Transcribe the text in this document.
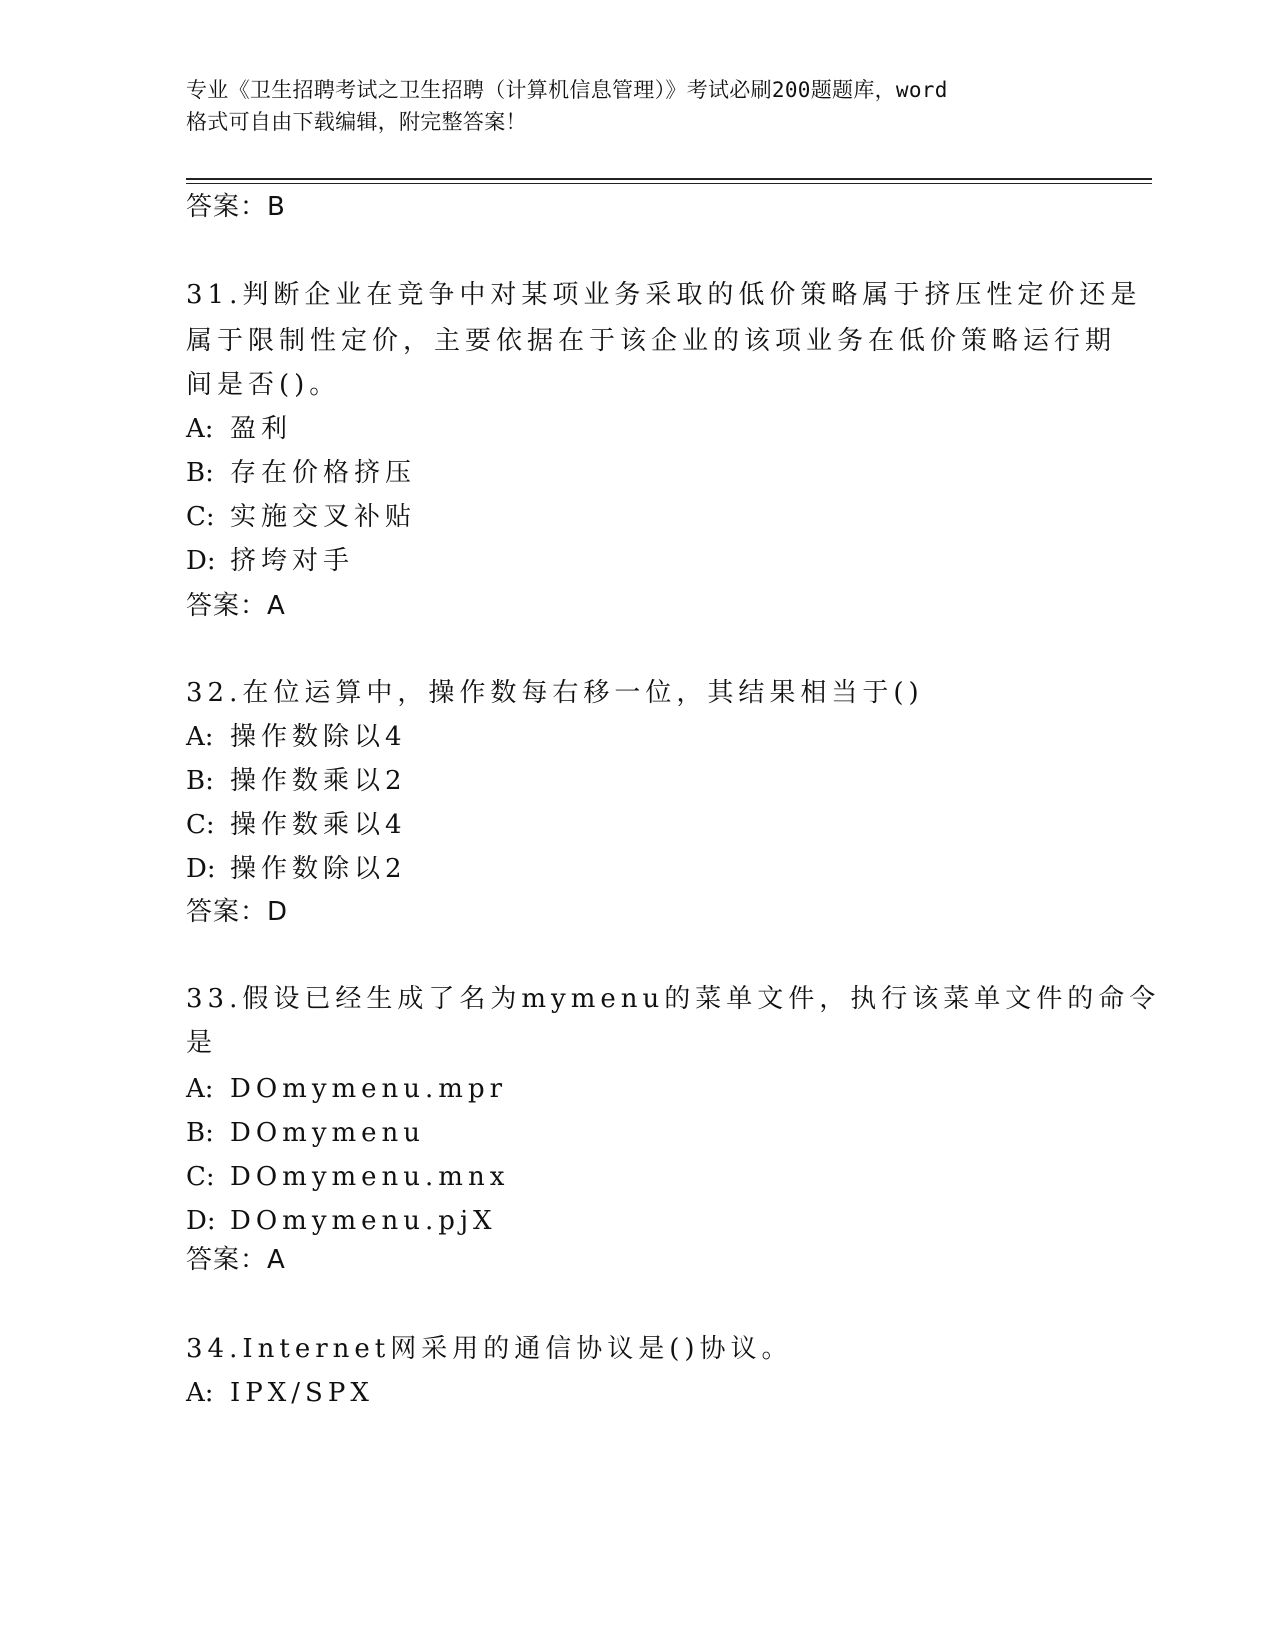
专业《卫生招聘考试之卫生招聘（计算机信息管理）》考试必刷200题题库，word
格式可自由下载编辑，附完整答案！
答案：B
31.判断企业在竞争中对某项业务采取的低价策略属于挤压性定价还是
属于限制性定价，主要依据在于该企业的该项业务在低价策略运行期
间是否()。
A: 盈利
B: 存在价格挤压
C: 实施交叉补贴
D: 挤垮对手
答案：A
32.在位运算中，操作数每右移一位，其结果相当于()
A: 操作数除以4
B: 操作数乘以2
C: 操作数乘以4
D: 操作数除以2
答案：D
33.假设已经生成了名为mymenu的菜单文件，执行该菜单文件的命令
是
A: DOmymenu.mpr
B: DOmymenu
C: DOmymenu.mnx
D: DOmymenu.pjX
答案：A
34.Internet网采用的通信协议是()协议。
A: IPX/SPX
